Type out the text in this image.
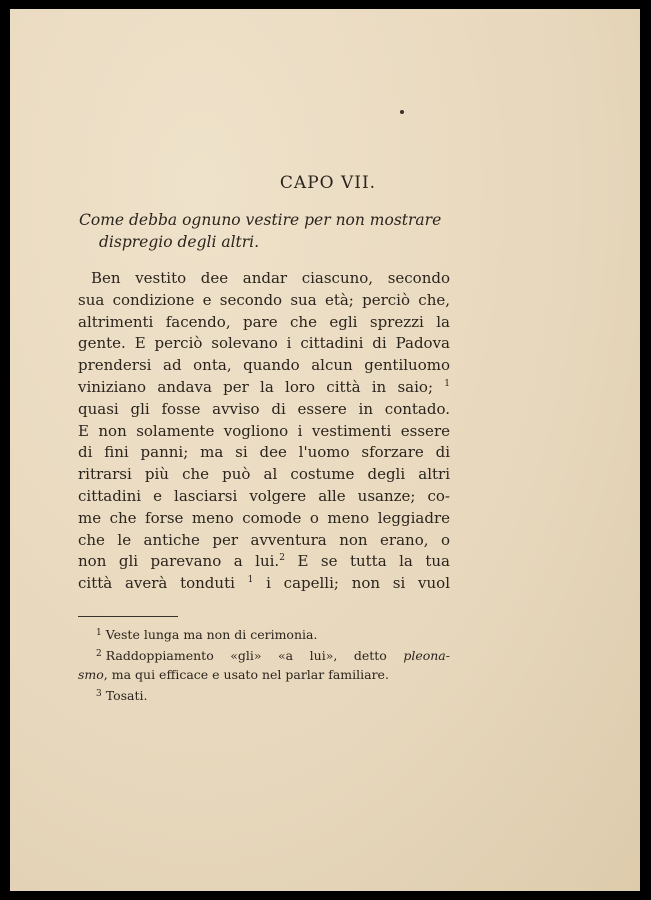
CAPO VII.
Come debba ognuno vestire per non mostrare
dispregio degli altri.
Ben vestito dee andar ciascuno, secondo
sua condizione e secondo sua età; perciò che,
altrimenti facendo, pare che egli sprezzi la
gente. E perciò solevano i cittadini di Padova
prendersi ad onta, quando alcun gentiluomo
viniziano andava per la loro città in saio; $^1$
quasi gli fosse avviso di essere in contado.
E non solamente vogliono i vestimenti essere
di fini panni; ma si dee l'uomo sforzare di
ritrarsi più che può al costume degli altri
cittadini e lasciarsi volgere alle usanze; co-
me che forse meno comode o meno leggiadre
che le antiche per avventura non erano, o
non gli parevano a lui.$^2$ E se tutta la tua
città averà tonduti $^1$ i capelli; non si vuol
$^1$ Veste lunga ma non di cerimonia.
$^2$ Raddoppiamento «gli» «a lui», detto pleona-
smo, ma qui efficace e usato nel parlar familiare.
$^3$ Tosati.
